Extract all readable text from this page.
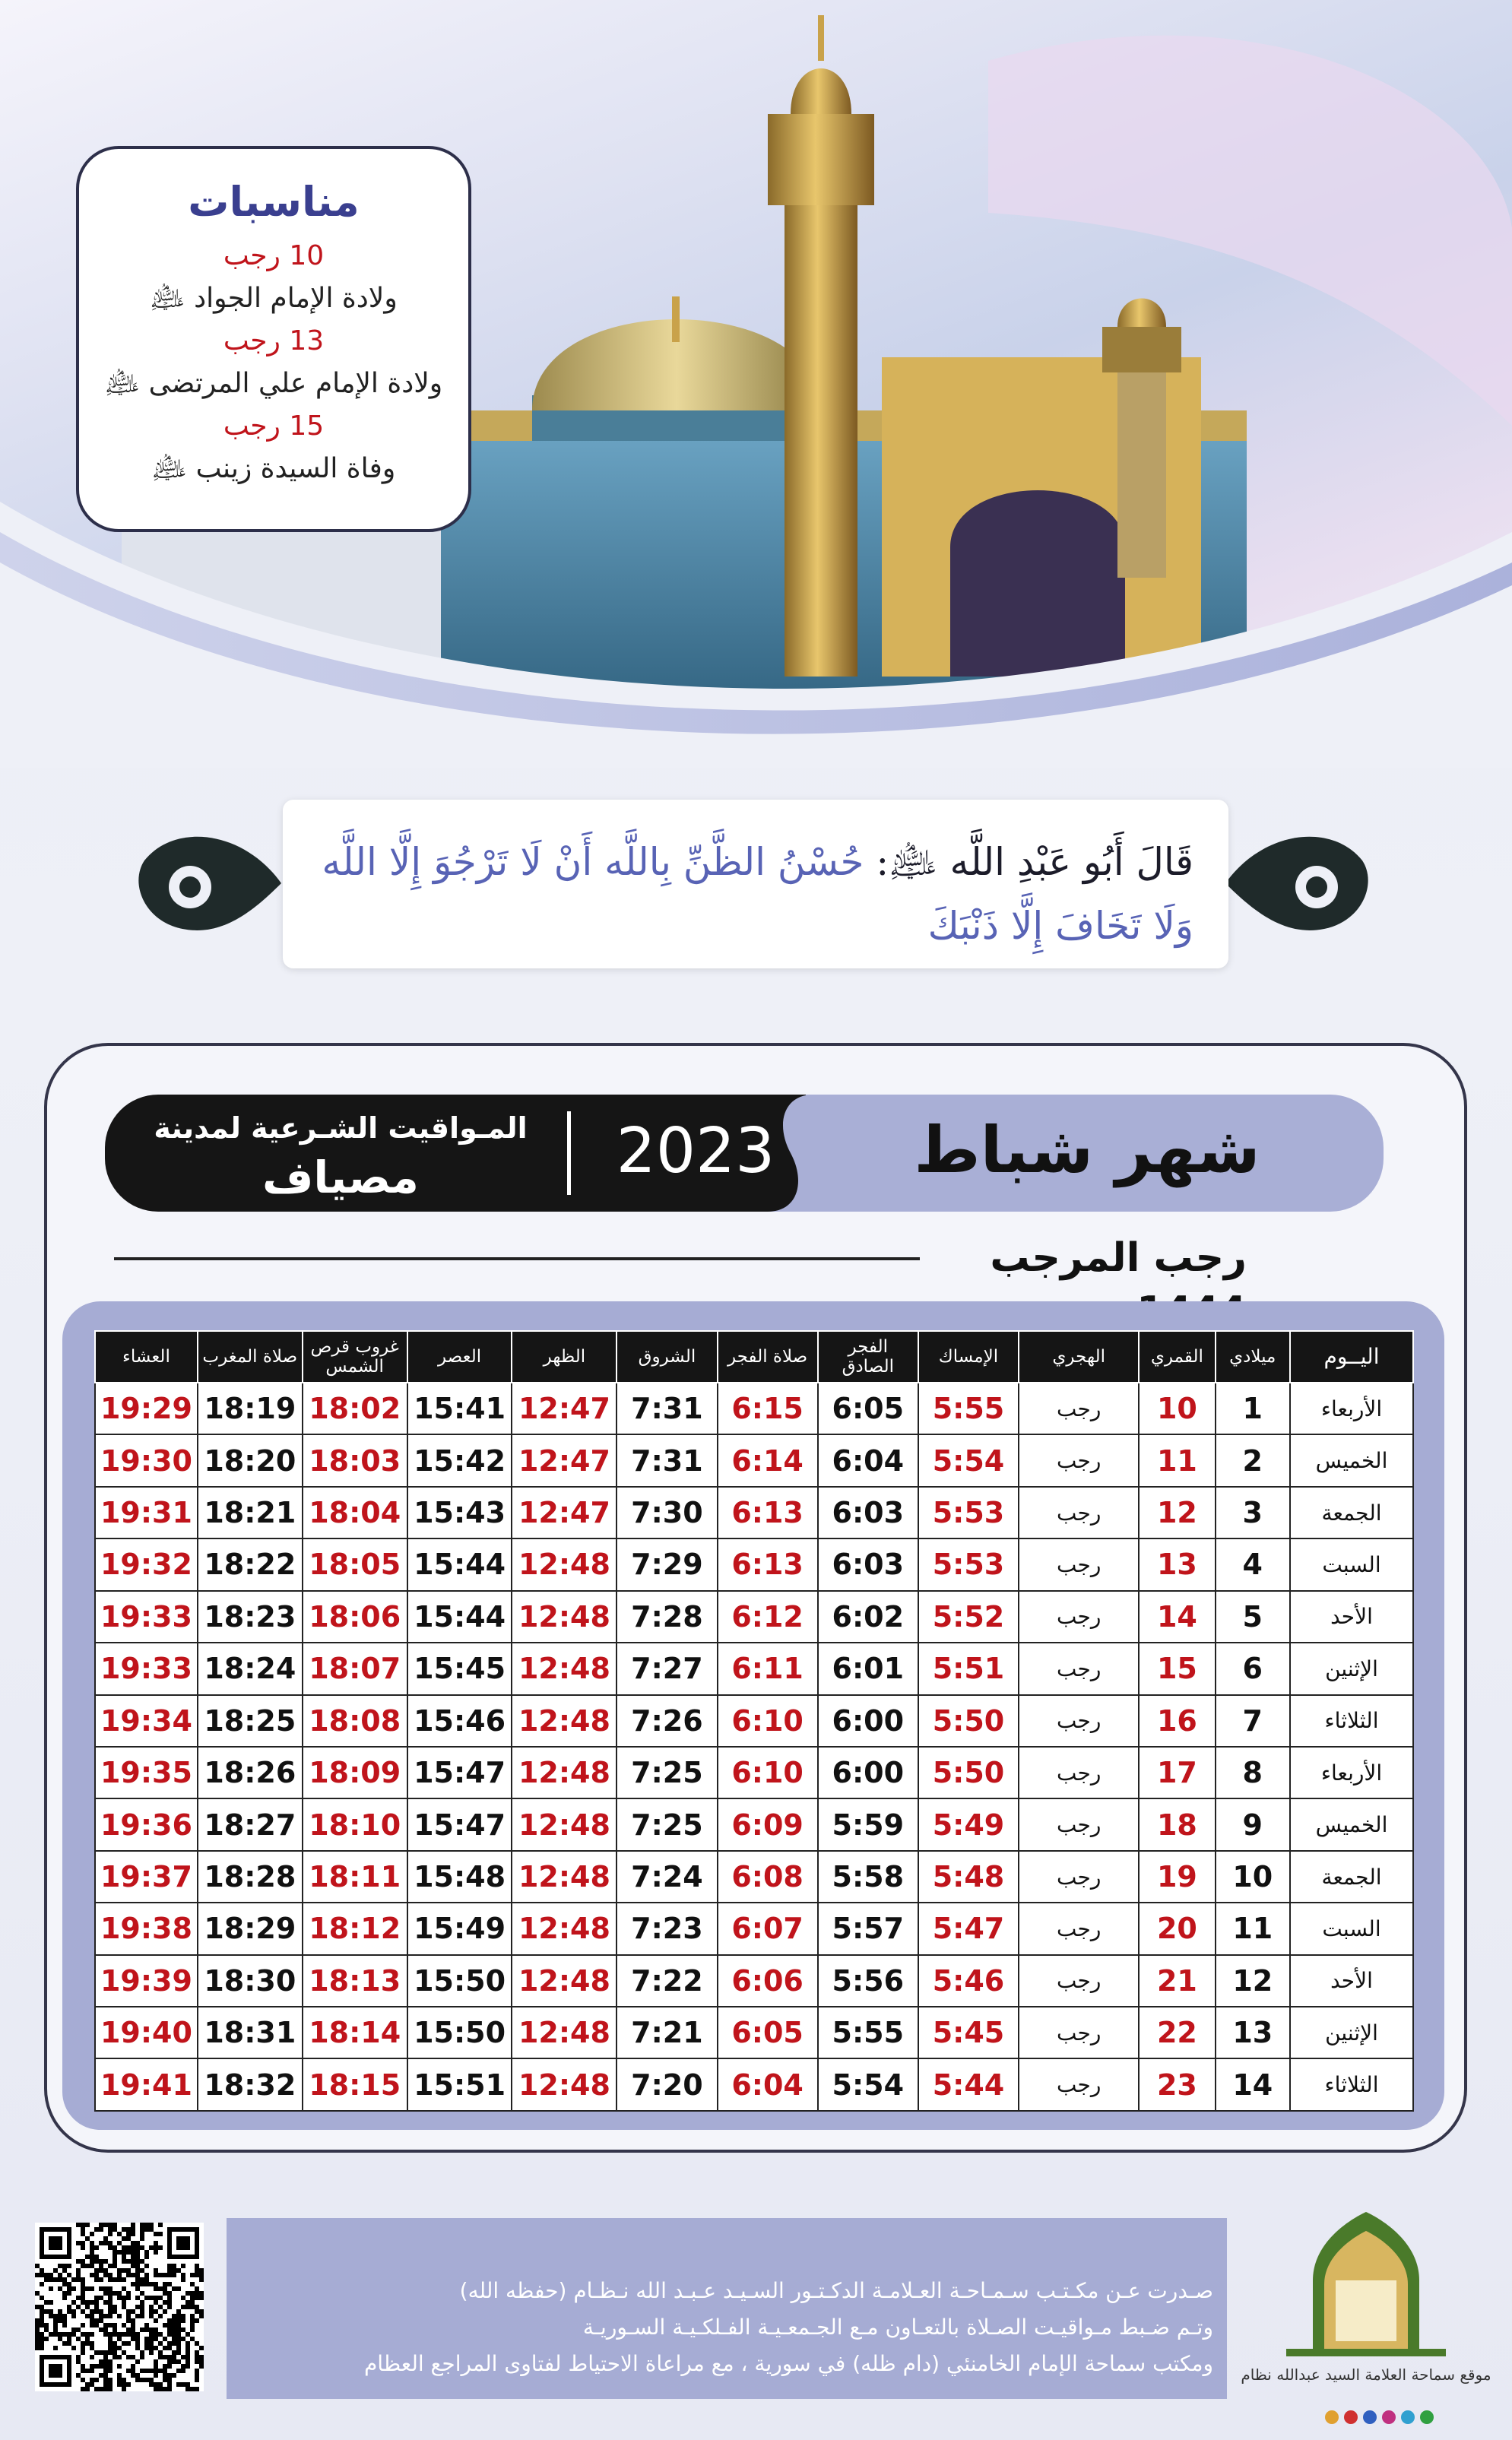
مناسبات
10 رجب
ولادة الإمام الجواد ﵇
13 رجب
ولادة الإمام علي المرتضى ﵇
15 رجب
وفاة السيدة زينب ﵇
قَالَ أَبُو عَبْدِ اللَّه ﵇: حُسْنُ الظَّنِّ بِاللَّه أَنْ لَا تَرْجُوَ إِلَّا اللَّه وَلَا تَخَافَ إِلَّا ذَنْبَكَ
شهر شباط
2023
المـواقيت الشـرعية لمدينة
مصياف
رجب المرجب
اليــوم	ميلادي	القمري	الهجري	الإمساك	الفجر الصادق	صلاة الفجر	الشروق	الظهر	العصر	غروب قرص الشمس	صلاة المغرب	العشاء
الأربعاء	1	10	رجب	5:55	6:05	6:15	7:31	12:47	15:41	18:02	18:19	19:29
الخميس	2	11	رجب	5:54	6:04	6:14	7:31	12:47	15:42	18:03	18:20	19:30
الجمعة	3	12	رجب	5:53	6:03	6:13	7:30	12:47	15:43	18:04	18:21	19:31
السبت	4	13	رجب	5:53	6:03	6:13	7:29	12:48	15:44	18:05	18:22	19:32
الأحد	5	14	رجب	5:52	6:02	6:12	7:28	12:48	15:44	18:06	18:23	19:33
الإثنين	6	15	رجب	5:51	6:01	6:11	7:27	12:48	15:45	18:07	18:24	19:33
الثلاثاء	7	16	رجب	5:50	6:00	6:10	7:26	12:48	15:46	18:08	18:25	19:34
الأربعاء	8	17	رجب	5:50	6:00	6:10	7:25	12:48	15:47	18:09	18:26	19:35
الخميس	9	18	رجب	5:49	5:59	6:09	7:25	12:48	15:47	18:10	18:27	19:36
الجمعة	10	19	رجب	5:48	5:58	6:08	7:24	12:48	15:48	18:11	18:28	19:37
السبت	11	20	رجب	5:47	5:57	6:07	7:23	12:48	15:49	18:12	18:29	19:38
الأحد	12	21	رجب	5:46	5:56	6:06	7:22	12:48	15:50	18:13	18:30	19:39
الإثنين	13	22	رجب	5:45	5:55	6:05	7:21	12:48	15:50	18:14	18:31	19:40
الثلاثاء	14	23	رجب	5:44	5:54	6:04	7:20	12:48	15:51	18:15	18:32	19:41
صـدرت عـن مكـتـب سـمـاحـة العـلامـة الدكـتـور السـيـد عـبـد الله نـظـام (حفظه الله)
وتـم ضـبط مـواقيـت الصـلاة بالتعـاون مـع الجـمعـيـة الفـلكـيـة السـوريـة
ومكتب سماحة الإمام الخامنئي (دام ظله) في سورية ، مع مراعاة الاحتياط لفتاوى المراجع العظام موقع سماحة العلامة السيد عبدالله نظام
